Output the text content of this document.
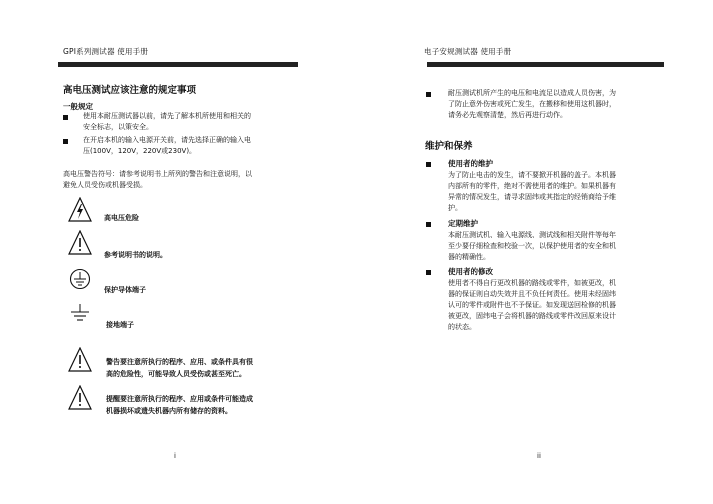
GPI系列测试器 使用手册
高电压测试应该注意的规定事项
一般规定
使用本耐压测试器以前，请先了解本机所使用和相关的
安全标志，以策安全。
在开启本机的输入电源开关前，请先选择正确的输入电
压(100V，120V，220V或230V)。
高电压警告符号：请参考说明书上所列的警告和注意说明，以
避免人员受伤或机器受损。
高电压危险
参考说明书的说明。
保护导体端子
接地端子
警告要注意所执行的程序、应用、或条件具有很
高的危险性，可能导致人员受伤或甚至死亡。
提醒要注意所执行的程序、应用或条件可能造成
机器损坏或遗失机器内所有储存的资料。
i
电子安规测试器 使用手册
耐压测试机所产生的电压和电流足以造成人员伤害，为
了防止意外伤害或死亡发生，在搬移和使用这机器时，
请务必先观察清楚，然后再进行动作。
维护和保养
使用者的维护
为了防止电击的发生，请不要掀开机器的盖子。本机器
内部所有的零件，绝对不需使用者的维护。如果机器有
异常的情况发生，请寻求固纬或其指定的经销商给予维
护。
定期维护
本耐压测试机、输入电源线、测试线和相关附件等每年
至少要仔细检查和校验一次，以保护使用者的安全和机
器的精确性。
使用者的修改
使用者不得自行更改机器的路线或零件，如被更改，机
器的保证则自动失效并且不负任何责任。使用未经固纬
认可的零件或附件也不予保证。如发现送回检修的机器
被更改，固纬电子会将机器的路线或零件改回原来设计
的状态。
ii
